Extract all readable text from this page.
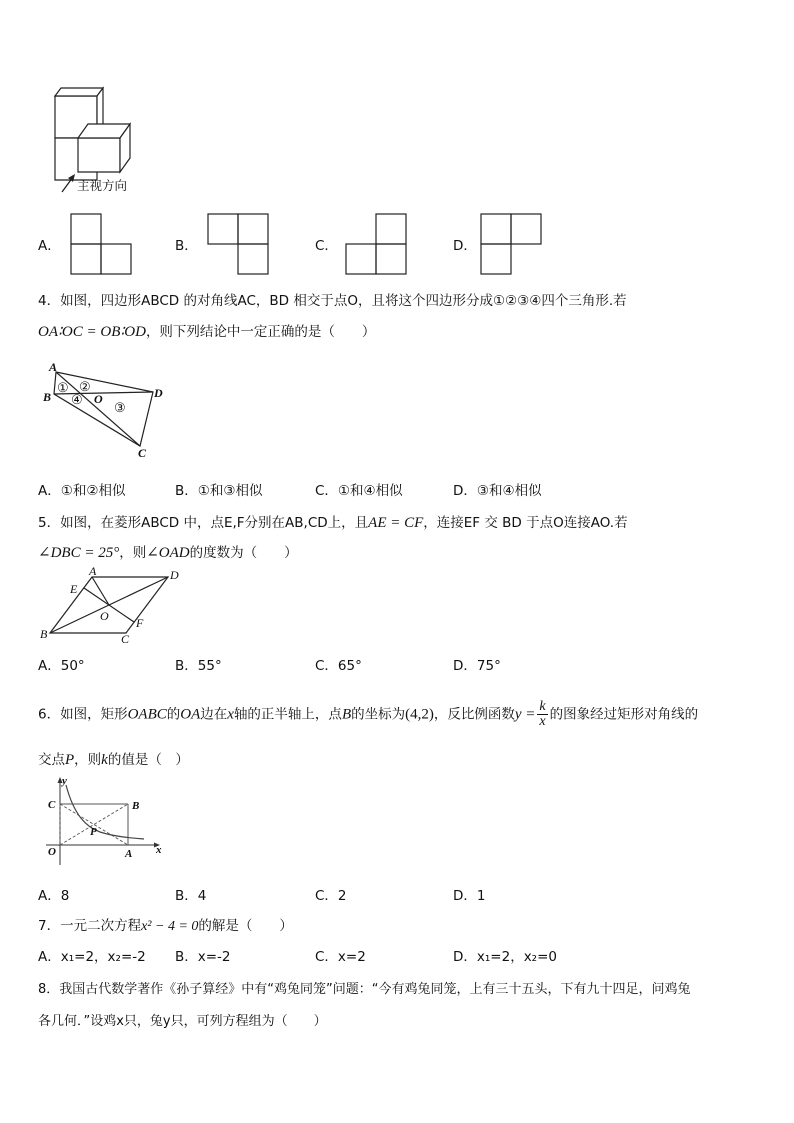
主视方向
A．	B．	C．	D．
4．如图，四边形ABCD 的对角线AC，BD 相交于点O，且将这个四边形分成①②③④四个三角形.若
OA∶OC = OB∶OD，则下列结论中一定正确的是（　　）
A
B	D
C
O
① ②
③
④
A．①和②相似	B．①和③相似	C．①和④相似	D．③和④相似
5．如图，在菱形ABCD 中，点E,F分别在AB,CD上，且AE = CF，连接EF 交 BD 于点O连接AO.若
∠DBC = 25°，则∠OAD的度数为（　　）
A	D
B	C
E
F
O
A．50°	B．55°	C．65°	D．75°
6．如图，矩形OABC的OA边在x轴的正半轴上，点B的坐标为(4,2)，反比例函数$y = \frac{k}{x}$ 的图象经过矩形对角线的
交点P，则k的值是（　）
y
x
C	B
P
O	A
A．8	B．4	C．2	D．1
7．一元二次方程x² − 4 = 0的解是（　　）
A．x₁=2，x₂=-2 B．x=-2	C．x=2	D．x₁=2，x₂=0
8．我国古代数学著作《孙子算经》中有“鸡兔同笼”问题：“今有鸡兔同笼，上有三十五头，下有九十四足，问鸡兔
各几何．”设鸡x只，兔y只，可列方程组为（　　）
